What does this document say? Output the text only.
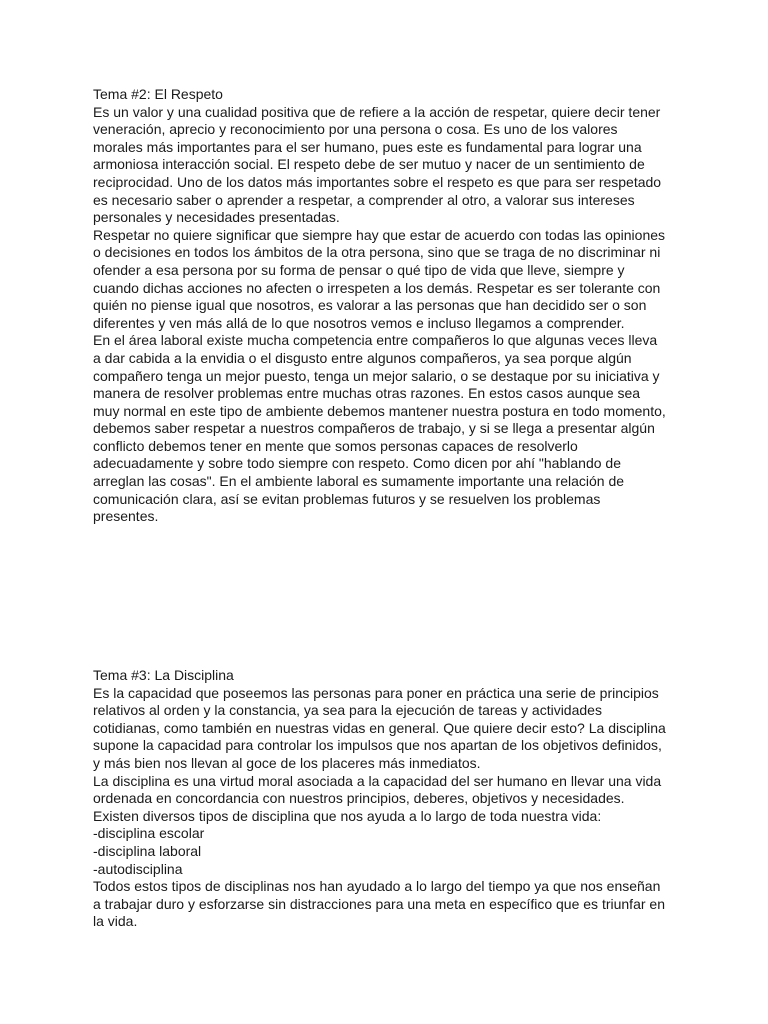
Tema #2: El Respeto
Es un valor y una cualidad positiva que de refiere a la acción de respetar, quiere decir tener
veneración, aprecio y reconocimiento por una persona o cosa. Es uno de los valores
morales más importantes para el ser humano, pues este es fundamental para lograr una
armoniosa interacción social. El respeto debe de ser mutuo y nacer de un sentimiento de
reciprocidad. Uno de los datos más importantes sobre el respeto es que para ser respetado
es necesario saber o aprender a respetar, a comprender al otro, a valorar sus intereses
personales y necesidades presentadas.
Respetar no quiere significar que siempre hay que estar de acuerdo con todas las opiniones
o decisiones en todos los ámbitos de la otra persona, sino que se traga de no discriminar ni
ofender a esa persona por su forma de pensar o qué tipo de vida que lleve, siempre y
cuando dichas acciones no afecten o irrespeten a los demás. Respetar es ser tolerante con
quién no piense igual que nosotros, es valorar a las personas que han decidido ser o son
diferentes y ven más allá de lo que nosotros vemos e incluso llegamos a comprender.
En el área laboral existe mucha competencia entre compañeros lo que algunas veces lleva
a dar cabida a la envidia o el disgusto entre algunos compañeros, ya sea porque algún
compañero tenga un mejor puesto, tenga un mejor salario, o se destaque por su iniciativa y
manera de resolver problemas entre muchas otras razones. En estos casos aunque sea
muy normal en este tipo de ambiente debemos mantener nuestra postura en todo momento,
debemos saber respetar a nuestros compañeros de trabajo, y si se llega a presentar algún
conflicto debemos tener en mente que somos personas capaces de resolverlo
adecuadamente y sobre todo siempre con respeto. Como dicen por ahí "hablando de
arreglan las cosas". En el ambiente laboral es sumamente importante una relación de
comunicación clara, así se evitan problemas futuros y se resuelven los problemas
presentes.
Tema #3: La Disciplina
Es la capacidad que poseemos las personas para poner en práctica una serie de principios
relativos al orden y la constancia, ya sea para la ejecución de tareas y actividades
cotidianas, como también en nuestras vidas en general. Que quiere decir esto? La disciplina
supone la capacidad para controlar los impulsos que nos apartan de los objetivos definidos,
y más bien nos llevan al goce de los placeres más inmediatos.
La disciplina es una virtud moral asociada a la capacidad del ser humano en llevar una vida
ordenada en concordancia con nuestros principios, deberes, objetivos y necesidades.
Existen diversos tipos de disciplina que nos ayuda a lo largo de toda nuestra vida:
-disciplina escolar
-disciplina laboral
-autodisciplina
Todos estos tipos de disciplinas nos han ayudado a lo largo del tiempo ya que nos enseñan
a trabajar duro y esforzarse sin distracciones para una meta en específico que es triunfar en
la vida.
